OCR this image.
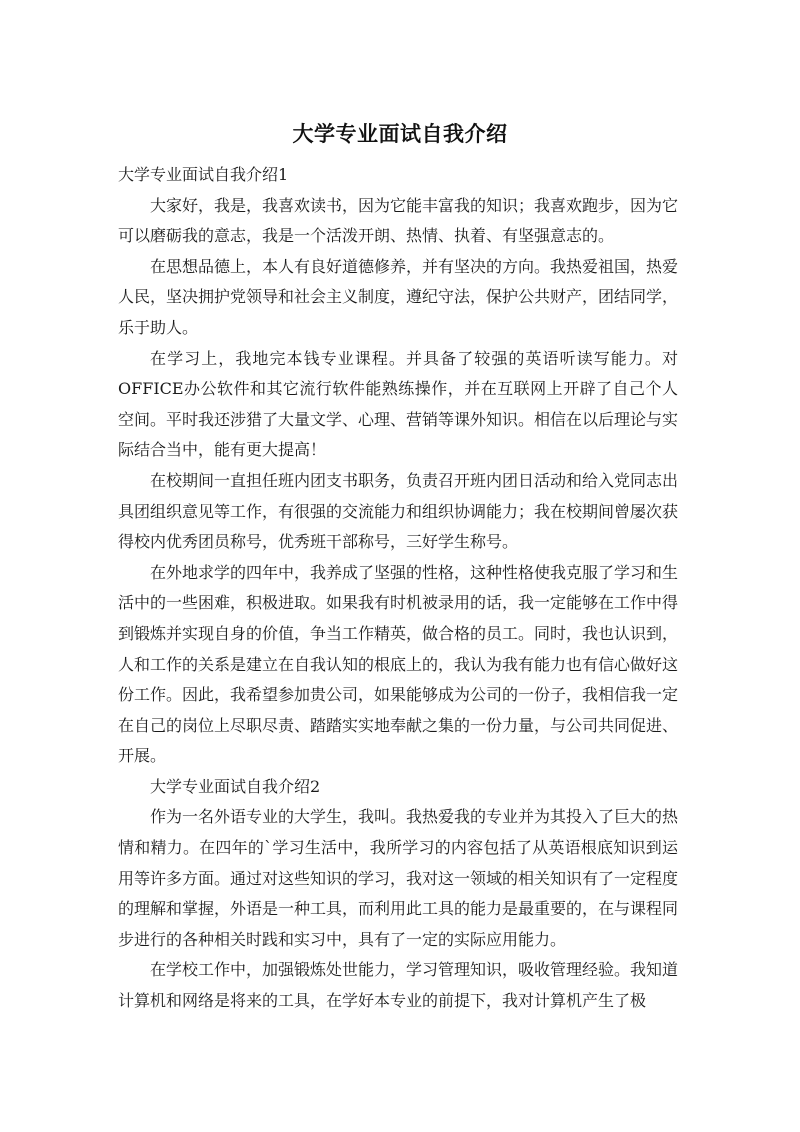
大学专业面试自我介绍

大学专业面试自我介绍1

大家好，我是，我喜欢读书，因为它能丰富我的知识；我喜欢跑步，因为它可以磨砺我的意志，我是一个活泼开朗、热情、执着、有坚强意志的。

在思想品德上，本人有良好道德修养，并有坚决的方向。我热爱祖国，热爱人民，坚决拥护党领导和社会主义制度，遵纪守法，保护公共财产，团结同学，乐于助人。

在学习上，我地完本钱专业课程。并具备了较强的英语听读写能力。对OFFICE办公软件和其它流行软件能熟练操作，并在互联网上开辟了自己个人空间。平时我还涉猎了大量文学、心理、营销等课外知识。相信在以后理论与实际结合当中，能有更大提高！

在校期间一直担任班内团支书职务，负责召开班内团日活动和给入党同志出具团组织意见等工作，有很强的交流能力和组织协调能力；我在校期间曾屡次获得校内优秀团员称号，优秀班干部称号，三好学生称号。

在外地求学的四年中，我养成了坚强的性格，这种性格使我克服了学习和生活中的一些困难，积极进取。如果我有时机被录用的话，我一定能够在工作中得到锻炼并实现自身的价值，争当工作精英，做合格的员工。同时，我也认识到，人和工作的关系是建立在自我认知的根底上的，我认为我有能力也有信心做好这份工作。因此，我希望参加贵公司，如果能够成为公司的一份子，我相信我一定在自己的岗位上尽职尽责、踏踏实实地奉献之集的一份力量，与公司共同促进、开展。

大学专业面试自我介绍2

作为一名外语专业的大学生，我叫。我热爱我的专业并为其投入了巨大的热情和精力。在四年的`学习生活中，我所学习的内容包括了从英语根底知识到运用等许多方面。通过对这些知识的学习，我对这一领域的相关知识有了一定程度的理解和掌握，外语是一种工具，而利用此工具的能力是最重要的，在与课程同步进行的各种相关时践和实习中，具有了一定的实际应用能力。

在学校工作中，加强锻炼处世能力，学习管理知识，吸收管理经验。我知道计算机和网络是将来的工具，在学好本专业的前提下，我对计算机产生了极
